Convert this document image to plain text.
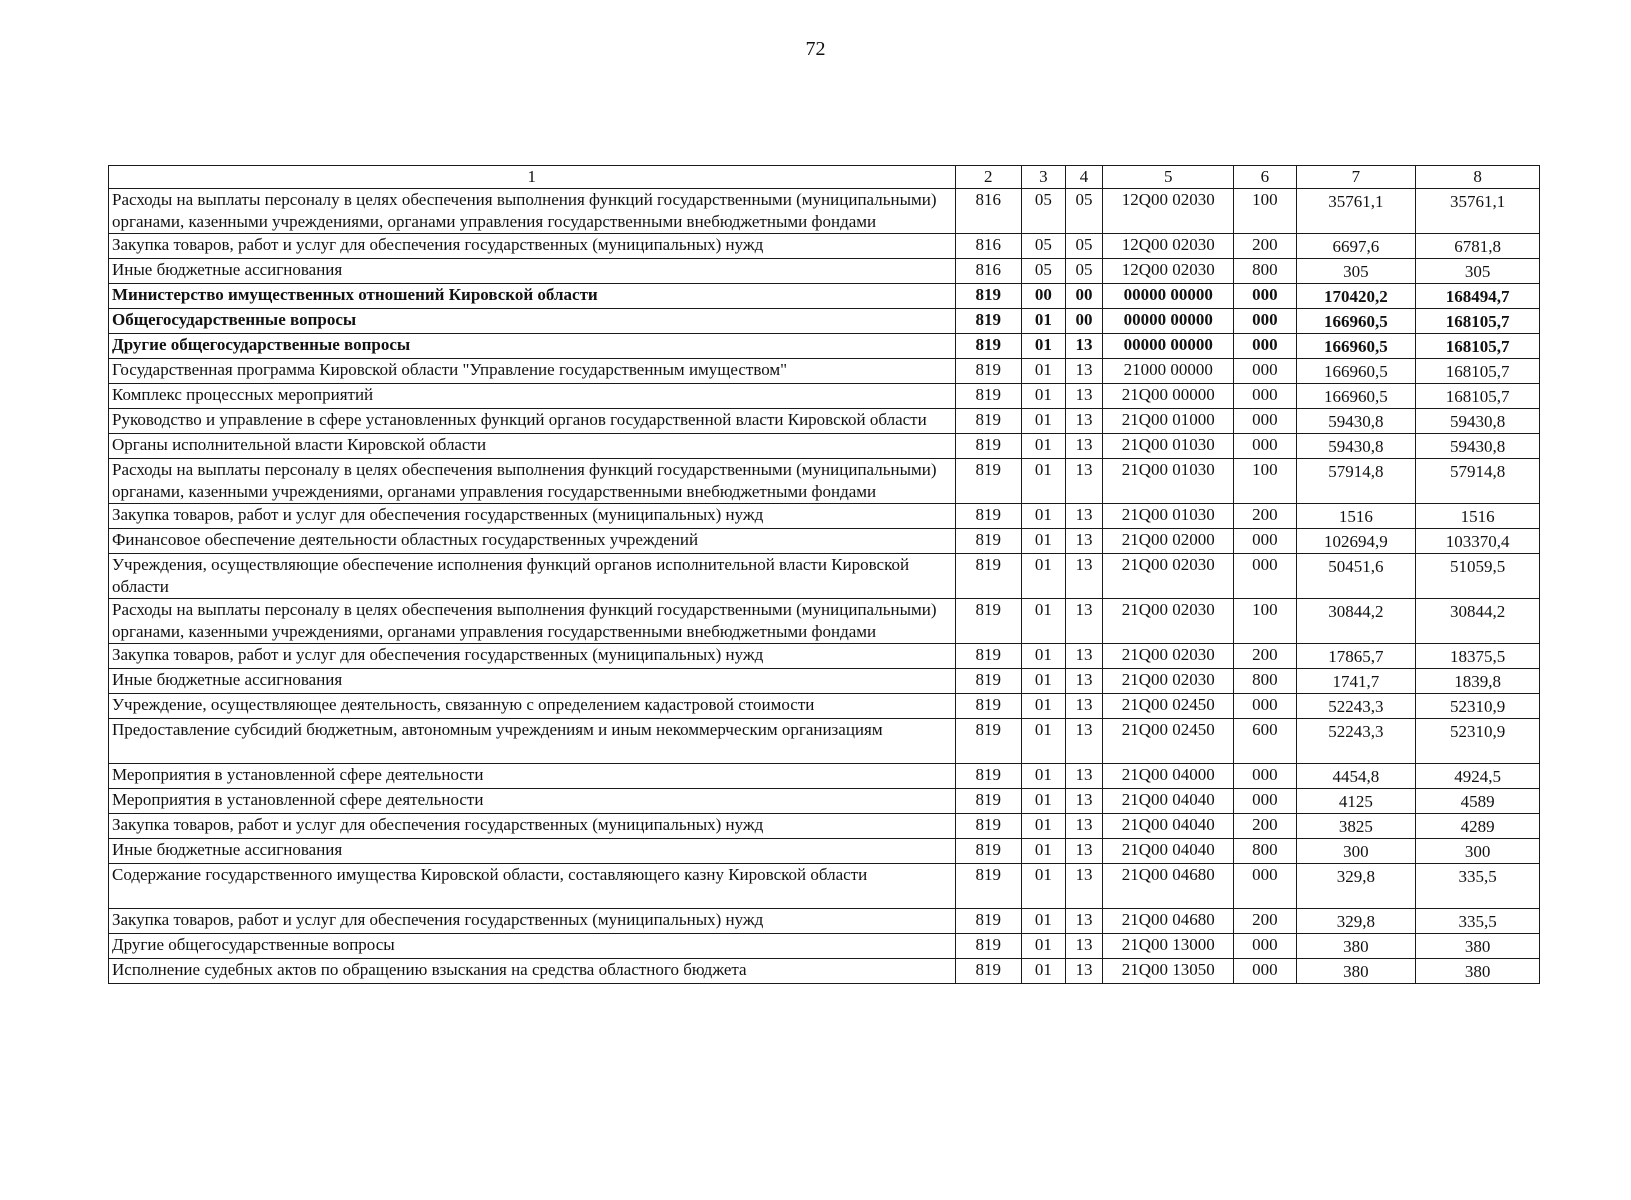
72
1	2	3	4	5	6	7	8
Расходы на выплаты персоналу в целях обеспечения выполнения функций государственными (муниципальными) органами, казенными учреждениями, органами управления государственными внебюджетными фондами	816	05	05	12Q00 02030	100	35761,1	35761,1
Закупка товаров, работ и услуг для обеспечения государственных (муниципальных) нужд	816	05	05	12Q00 02030	200	6697,6	6781,8
Иные бюджетные ассигнования	816	05	05	12Q00 02030	800	305	305
Министерство имущественных отношений Кировской области	819	00	00	00000 00000	000	170420,2	168494,7
Общегосударственные вопросы	819	01	00	00000 00000	000	166960,5	168105,7
Другие общегосударственные вопросы	819	01	13	00000 00000	000	166960,5	168105,7
Государственная программа Кировской области "Управление государственным имуществом"	819	01	13	21000 00000	000	166960,5	168105,7
Комплекс процессных мероприятий	819	01	13	21Q00 00000	000	166960,5	168105,7
Руководство и управление в сфере установленных функций органов государственной власти Кировской области	819	01	13	21Q00 01000	000	59430,8	59430,8
Органы исполнительной власти Кировской области	819	01	13	21Q00 01030	000	59430,8	59430,8
Расходы на выплаты персоналу в целях обеспечения выполнения функций государственными (муниципальными) органами, казенными учреждениями, органами управления государственными внебюджетными фондами	819	01	13	21Q00 01030	100	57914,8	57914,8
Закупка товаров, работ и услуг для обеспечения государственных (муниципальных) нужд	819	01	13	21Q00 01030	200	1516	1516
Финансовое обеспечение деятельности областных государственных учреждений	819	01	13	21Q00 02000	000	102694,9	103370,4
Учреждения, осуществляющие обеспечение исполнения функций органов исполнительной власти Кировской области	819	01	13	21Q00 02030	000	50451,6	51059,5
Расходы на выплаты персоналу в целях обеспечения выполнения функций государственными (муниципальными) органами, казенными учреждениями, органами управления государственными внебюджетными фондами	819	01	13	21Q00 02030	100	30844,2	30844,2
Закупка товаров, работ и услуг для обеспечения государственных (муниципальных) нужд	819	01	13	21Q00 02030	200	17865,7	18375,5
Иные бюджетные ассигнования	819	01	13	21Q00 02030	800	1741,7	1839,8
Учреждение, осуществляющее деятельность, связанную с определением кадастровой стоимости	819	01	13	21Q00 02450	000	52243,3	52310,9
Предоставление субсидий бюджетным, автономным учреждениям и иным некоммерческим организациям	819	01	13	21Q00 02450	600	52243,3	52310,9
Мероприятия в установленной сфере деятельности	819	01	13	21Q00 04000	000	4454,8	4924,5
Мероприятия в установленной сфере деятельности	819	01	13	21Q00 04040	000	4125	4589
Закупка товаров, работ и услуг для обеспечения государственных (муниципальных) нужд	819	01	13	21Q00 04040	200	3825	4289
Иные бюджетные ассигнования	819	01	13	21Q00 04040	800	300	300
Содержание государственного имущества Кировской области, составляющего казну Кировской области	819	01	13	21Q00 04680	000	329,8	335,5
Закупка товаров, работ и услуг для обеспечения государственных (муниципальных) нужд	819	01	13	21Q00 04680	200	329,8	335,5
Другие общегосударственные вопросы	819	01	13	21Q00 13000	000	380	380
Исполнение судебных актов по обращению взыскания на средства областного бюджета	819	01	13	21Q00 13050	000	380	380
